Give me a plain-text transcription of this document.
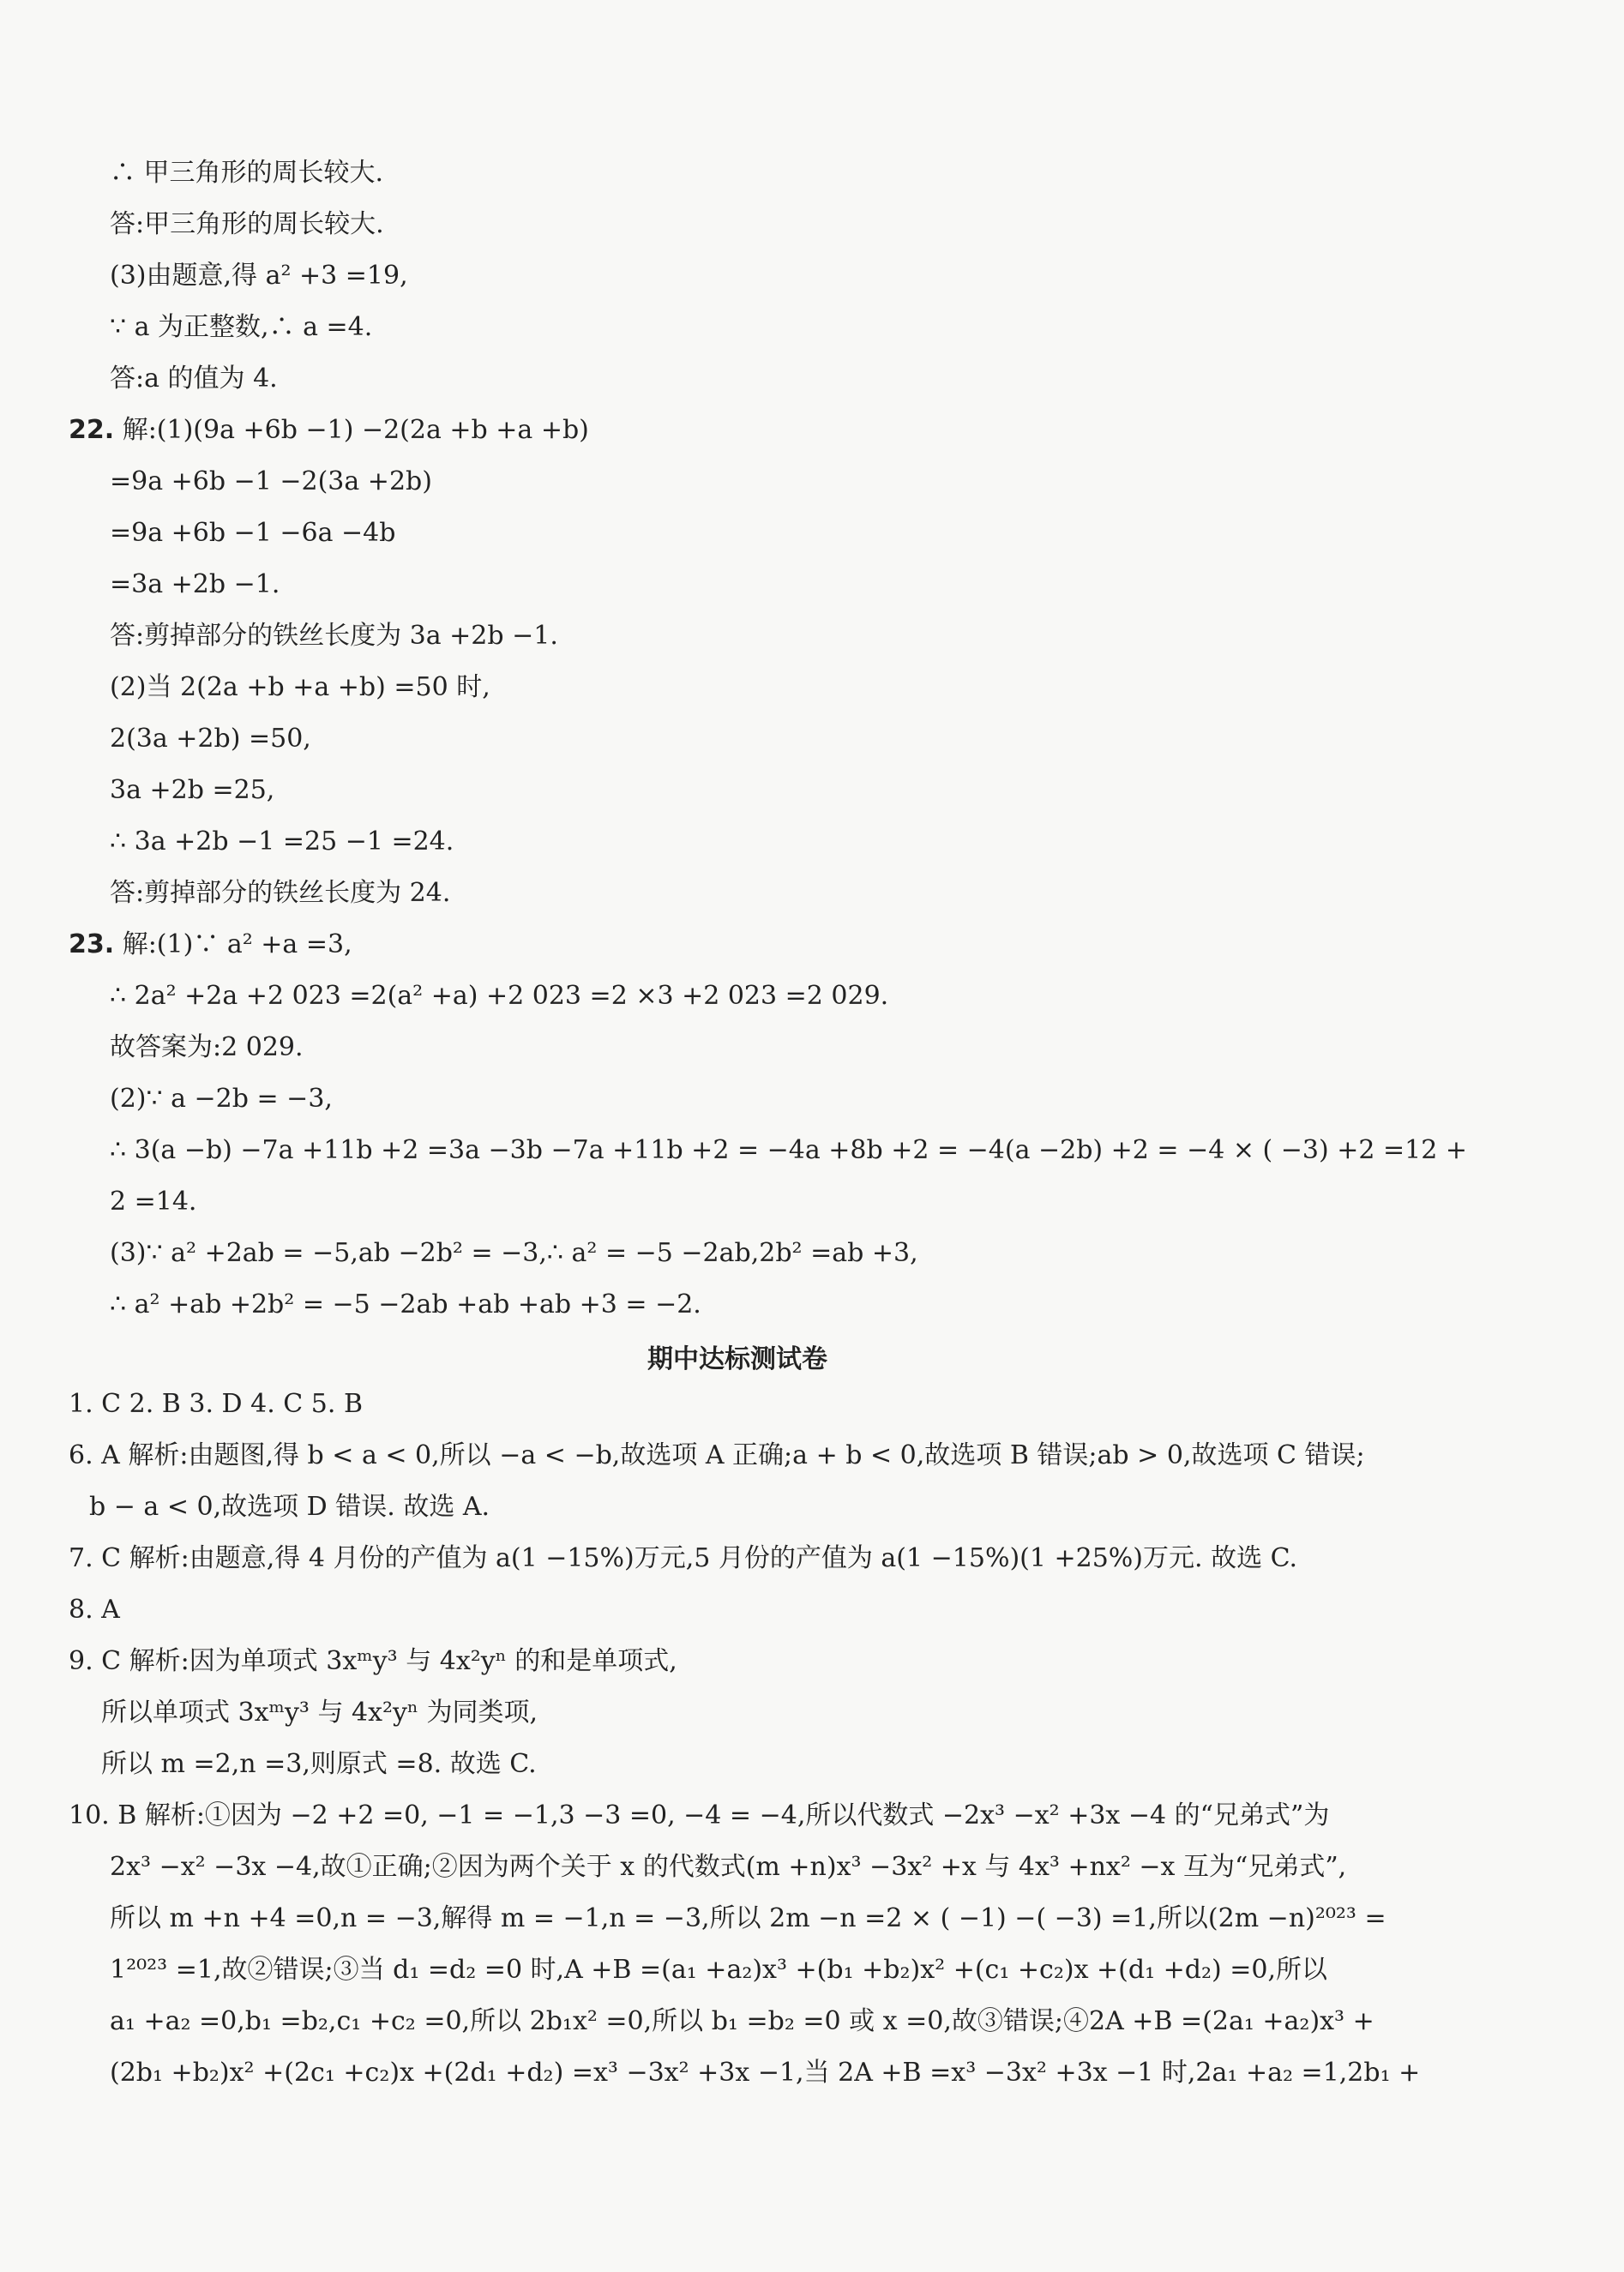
∴ 甲三角形的周长较大.
答:甲三角形的周长较大.
(3)由题意,得 a² +3 =19,
∵ a 为正整数,∴ a =4.
答:a 的值为 4.
22. 解:(1)(9a +6b −1) −2(2a +b +a +b)
=9a +6b −1 −2(3a +2b)
=9a +6b −1 −6a −4b
=3a +2b −1.
答:剪掉部分的铁丝长度为 3a +2b −1.
(2)当 2(2a +b +a +b) =50 时,
2(3a +2b) =50,
3a +2b =25,
∴ 3a +2b −1 =25 −1 =24.
答:剪掉部分的铁丝长度为 24.
23. 解:(1)∵ a² +a =3,
∴ 2a² +2a +2 023 =2(a² +a) +2 023 =2 ×3 +2 023 =2 029.
故答案为:2 029.
(2)∵ a −2b = −3,
∴ 3(a −b) −7a +11b +2 =3a −3b −7a +11b +2 = −4a +8b +2 = −4(a −2b) +2 = −4 × ( −3) +2 =12 +
2 =14.
(3)∵ a² +2ab = −5,ab −2b² = −3,∴ a² = −5 −2ab,2b² =ab +3,
∴ a² +ab +2b² = −5 −2ab +ab +ab +3 = −2.
期中达标测试卷
1. C 2. B 3. D 4. C 5. B
6. A 解析:由题图,得 b < a < 0,所以 −a < −b,故选项 A 正确;a + b < 0,故选项 B 错误;ab > 0,故选项 C 错误;
b − a < 0,故选项 D 错误. 故选 A.
7. C 解析:由题意,得 4 月份的产值为 a(1 −15%)万元,5 月份的产值为 a(1 −15%)(1 +25%)万元. 故选 C.
8. A
9. C 解析:因为单项式 3xᵐy³ 与 4x²yⁿ 的和是单项式,
所以单项式 3xᵐy³ 与 4x²yⁿ 为同类项,
所以 m =2,n =3,则原式 =8. 故选 C.
10. B 解析:①因为 −2 +2 =0, −1 = −1,3 −3 =0, −4 = −4,所以代数式 −2x³ −x² +3x −4 的“兄弟式”为
2x³ −x² −3x −4,故①正确;②因为两个关于 x 的代数式(m +n)x³ −3x² +x 与 4x³ +nx² −x 互为“兄弟式”,
所以 m +n +4 =0,n = −3,解得 m = −1,n = −3,所以 2m −n =2 × ( −1) −( −3) =1,所以(2m −n)²⁰²³ =
1²⁰²³ =1,故②错误;③当 d₁ =d₂ =0 时,A +B =(a₁ +a₂)x³ +(b₁ +b₂)x² +(c₁ +c₂)x +(d₁ +d₂) =0,所以
a₁ +a₂ =0,b₁ =b₂,c₁ +c₂ =0,所以 2b₁x² =0,所以 b₁ =b₂ =0 或 x =0,故③错误;④2A +B =(2a₁ +a₂)x³ +
(2b₁ +b₂)x² +(2c₁ +c₂)x +(2d₁ +d₂) =x³ −3x² +3x −1,当 2A +B =x³ −3x² +3x −1 时,2a₁ +a₂ =1,2b₁ +
